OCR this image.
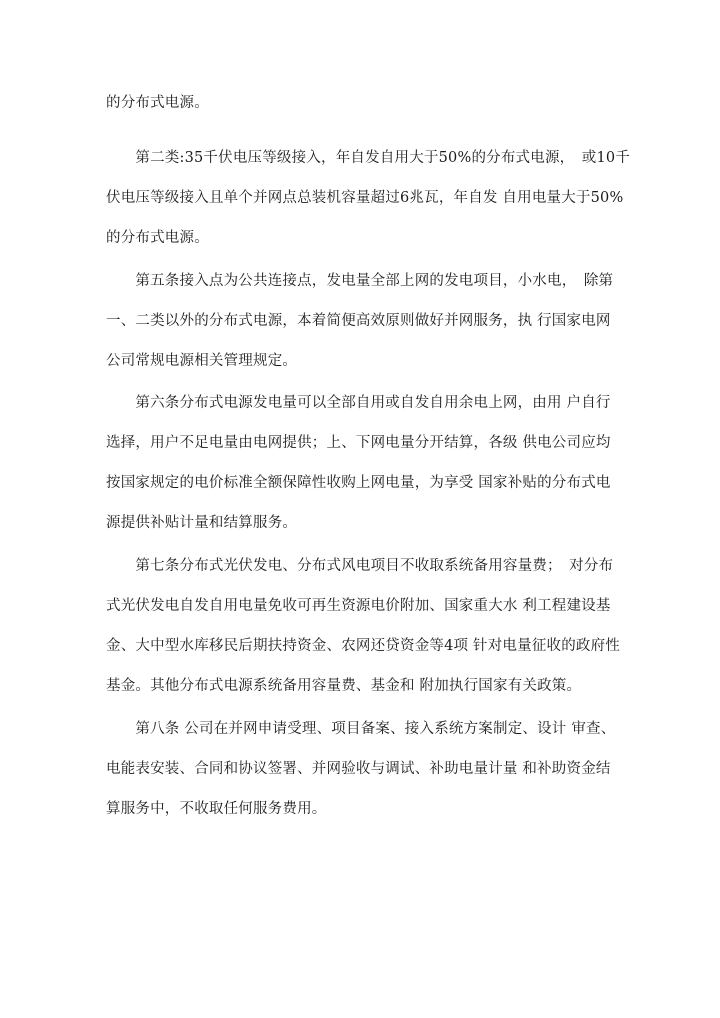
的分布式电源。
　　第二类:35千伏电压等级接入，年自发自用大于50%的分布式电源，　或10千
伏电压等级接入且单个并网点总装机容量超过6兆瓦，年自发 自用电量大于50%
的分布式电源。
　　第五条接入点为公共连接点，发电量全部上网的发电项目，小水电，　除第
一、二类以外的分布式电源，本着简便高效原则做好并网服务，执 行国家电网
公司常规电源相关管理规定。
　　第六条分布式电源发电量可以全部自用或自发自用余电上网，由用 户自行
选择，用户不足电量由电网提供；上、下网电量分开结算，各级 供电公司应均
按国家规定的电价标准全额保障性收购上网电量，为享受 国家补贴的分布式电
源提供补贴计量和结算服务。
　　第七条分布式光伏发电、分布式风电项目不收取系统备用容量费；　对分布
式光伏发电自发自用电量免收可再生资源电价附加、国家重大水 利工程建设基
金、大中型水库移民后期扶持资金、农网还贷资金等4项 针对电量征收的政府性
基金。其他分布式电源系统备用容量费、基金和 附加执行国家有关政策。
　　第八条 公司在并网申请受理、项目备案、接入系统方案制定、设计 审查、
电能表安装、合同和协议签署、并网验收与调试、补助电量计量 和补助资金结
算服务中，不收取任何服务费用。
